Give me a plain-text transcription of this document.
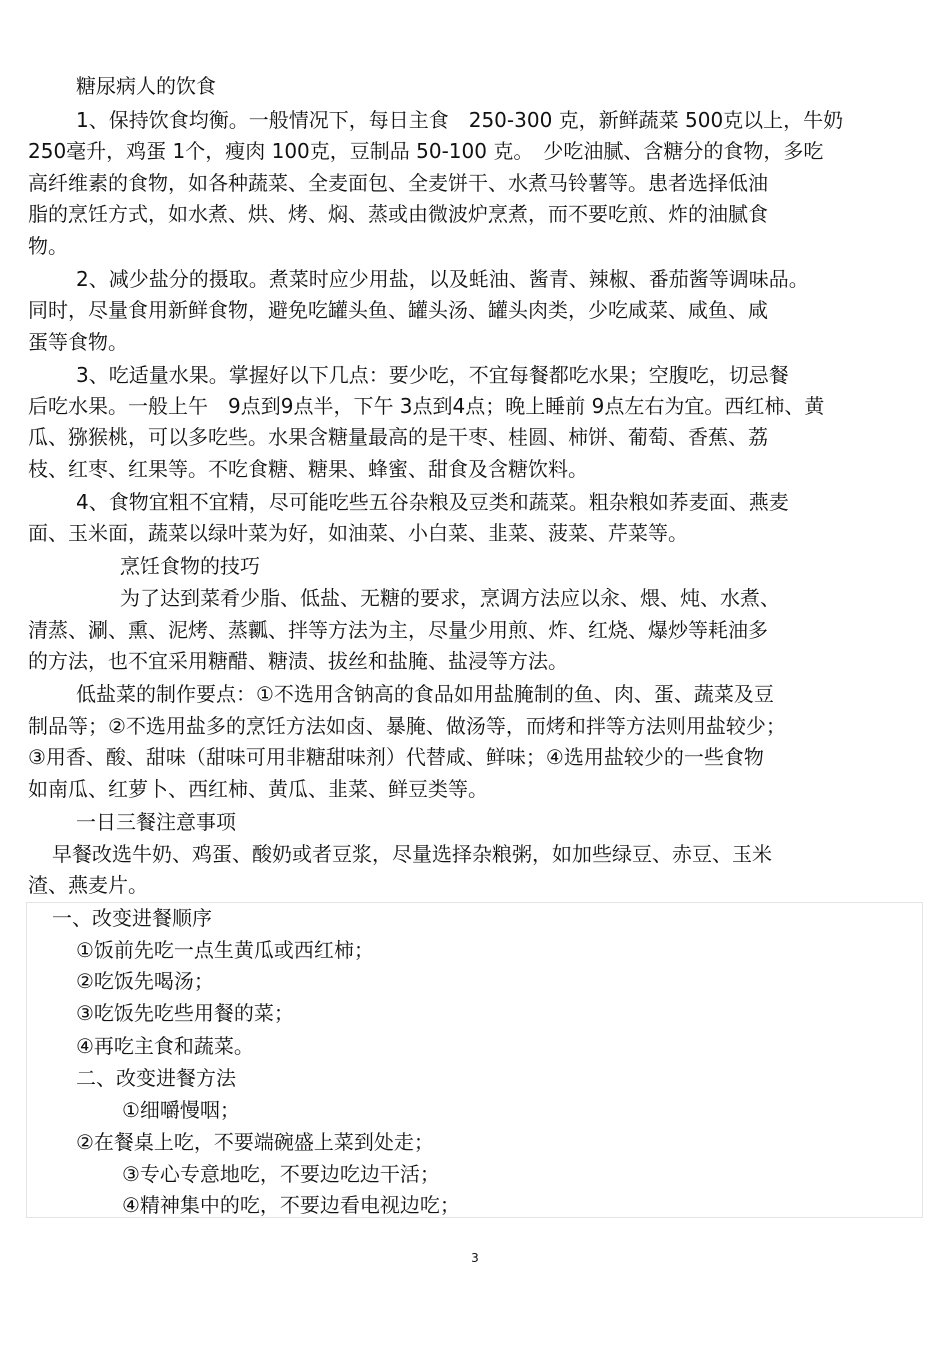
糖尿病人的饮食
1、保持饮食均衡。一般情况下，每日主食　250-300 克，新鲜蔬菜 500克以上，牛奶
250毫升，鸡蛋 1个，瘦肉 100克，豆制品 50-100 克。　少吃油腻、含糖分的食物，多吃
高纤维素的食物，如各种蔬菜、全麦面包、全麦饼干、水煮马铃薯等。患者选择低油
脂的烹饪方式，如水煮、烘、烤、焖、蒸或由微波炉烹煮，而不要吃煎、炸的油腻食
物。
2、减少盐分的摄取。煮菜时应少用盐，以及蚝油、酱青、辣椒、番茄酱等调味品。
同时，尽量食用新鲜食物，避免吃罐头鱼、罐头汤、罐头肉类，少吃咸菜、咸鱼、咸
蛋等食物。
3、吃适量水果。掌握好以下几点：要少吃，不宜每餐都吃水果；空腹吃，切忌餐
后吃水果。一般上午　9点到9点半，下午 3点到4点；晚上睡前 9点左右为宜。西红柿、黄
瓜、猕猴桃，可以多吃些。水果含糖量最高的是干枣、桂圆、柿饼、葡萄、香蕉、荔
枝、红枣、红果等。不吃食糖、糖果、蜂蜜、甜食及含糖饮料。
4、食物宜粗不宜精，尽可能吃些五谷杂粮及豆类和蔬菜。粗杂粮如荞麦面、燕麦
面、玉米面，蔬菜以绿叶菜为好，如油菜、小白菜、韭菜、菠菜、芹菜等。
烹饪食物的技巧
为了达到菜肴少脂、低盐、无糖的要求，烹调方法应以汆、煨、炖、水煮、
清蒸、涮、熏、泥烤、蒸瓤、拌等方法为主，尽量少用煎、炸、红烧、爆炒等耗油多
的方法，也不宜采用糖醋、糖渍、拔丝和盐腌、盐浸等方法。
低盐菜的制作要点：①不选用含钠高的食品如用盐腌制的鱼、肉、蛋、蔬菜及豆
制品等；②不选用盐多的烹饪方法如卤、暴腌、做汤等，而烤和拌等方法则用盐较少；
③用香、酸、甜味（甜味可用非糖甜味剂）代替咸、鲜味；④选用盐较少的一些食物
如南瓜、红萝卜、西红柿、黄瓜、韭菜、鲜豆类等。
一日三餐注意事项
早餐改选牛奶、鸡蛋、酸奶或者豆浆，尽量选择杂粮粥，如加些绿豆、赤豆、玉米
渣、燕麦片。
一、改变进餐顺序
①饭前先吃一点生黄瓜或西红柿；
②吃饭先喝汤；
③吃饭先吃些用餐的菜；
④再吃主食和蔬菜。
二、改变进餐方法
①细嚼慢咽；
②在餐桌上吃，不要端碗盛上菜到处走；
③专心专意地吃，不要边吃边干活；
④精神集中的吃，不要边看电视边吃；
3
